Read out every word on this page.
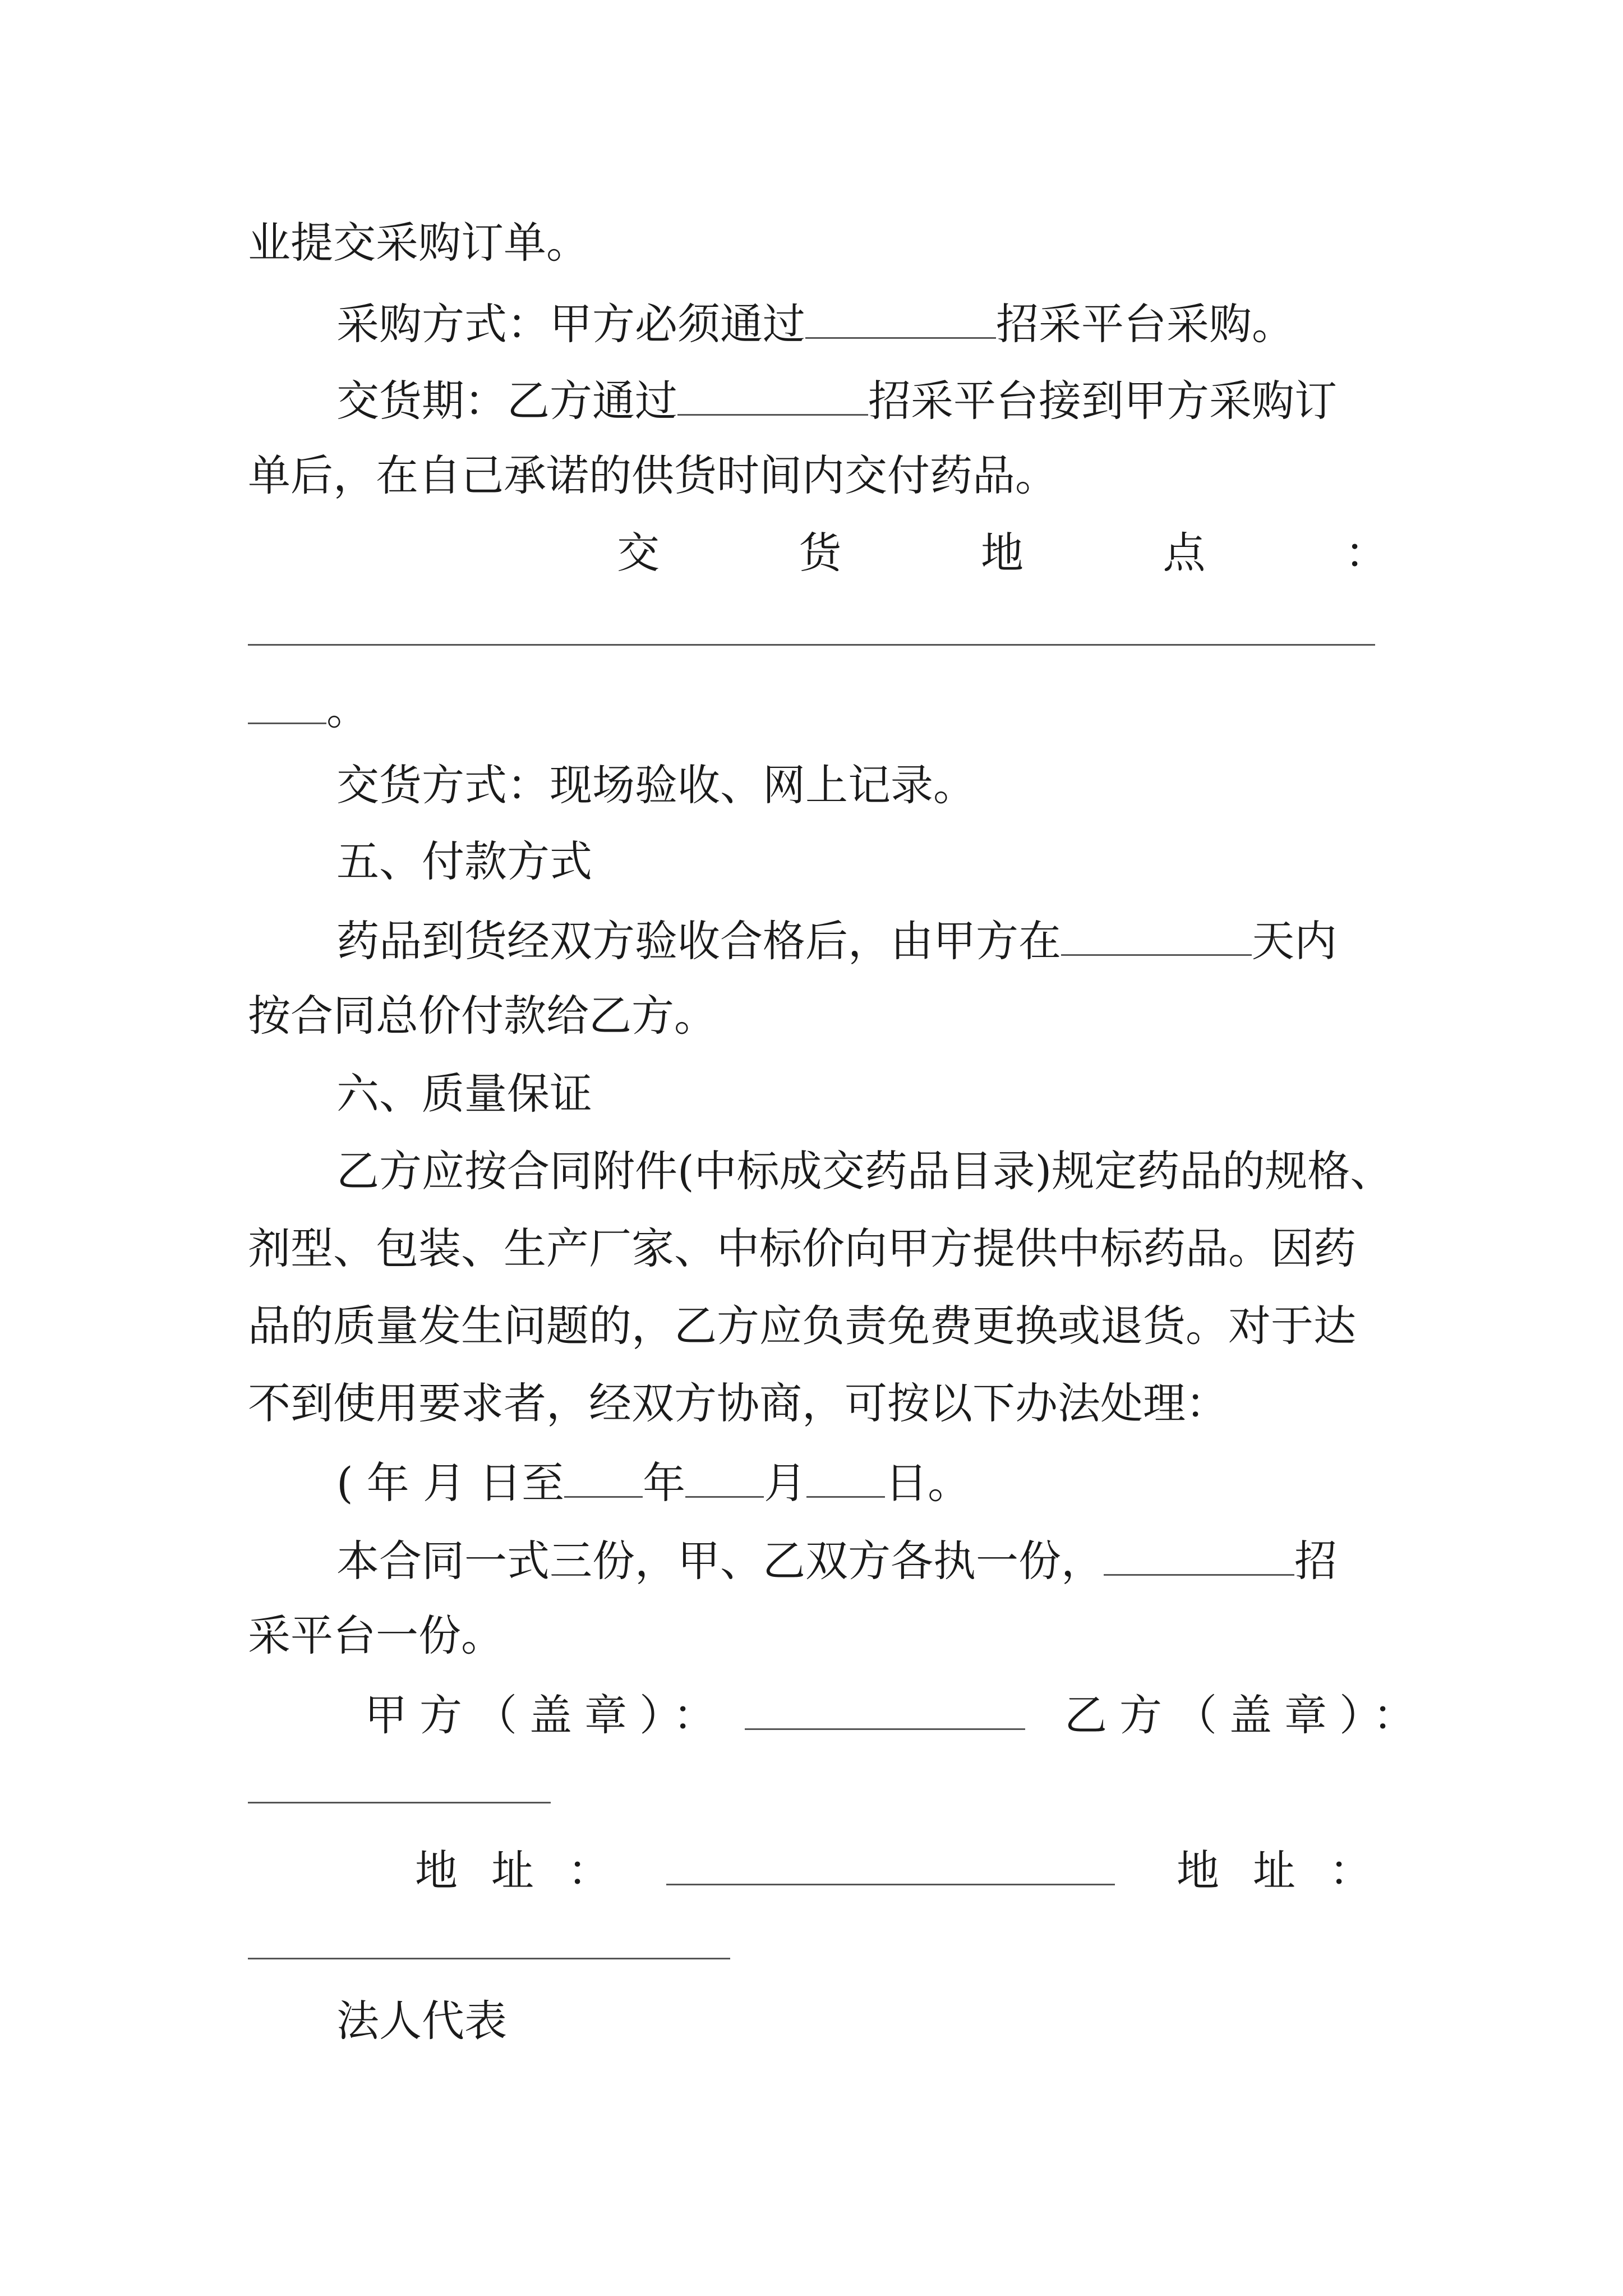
业提交采购订单。
采购方式：甲方必须通过	招采平台采购。
交货期：乙方通过	招采平台接到甲方采购订
单后，在自己承诺的供货时间内交付药品。
交	货	地	点	：
。
交货方式：现场验收、网上记录。
五、付款方式
药品到货经双方验收合格后，由甲方在	天内
按合同总价付款给乙方。
六、质量保证
乙方应按合同附件(中标成交药品目录)规定药品的规格、
剂型、包装、生产厂家、中标价向甲方提供中标药品。因药
品的质量发生问题的，乙方应负责免费更换或退货。对于达
不到使用要求者，经双方协商，可按以下办法处理：
( 年 月 日至 年 月 日。
本合同一式三份，甲、乙双方各执一份，	招
采平台一份。
甲方（盖章）：	乙方（盖章）：
地址：	地址：
法人代表
